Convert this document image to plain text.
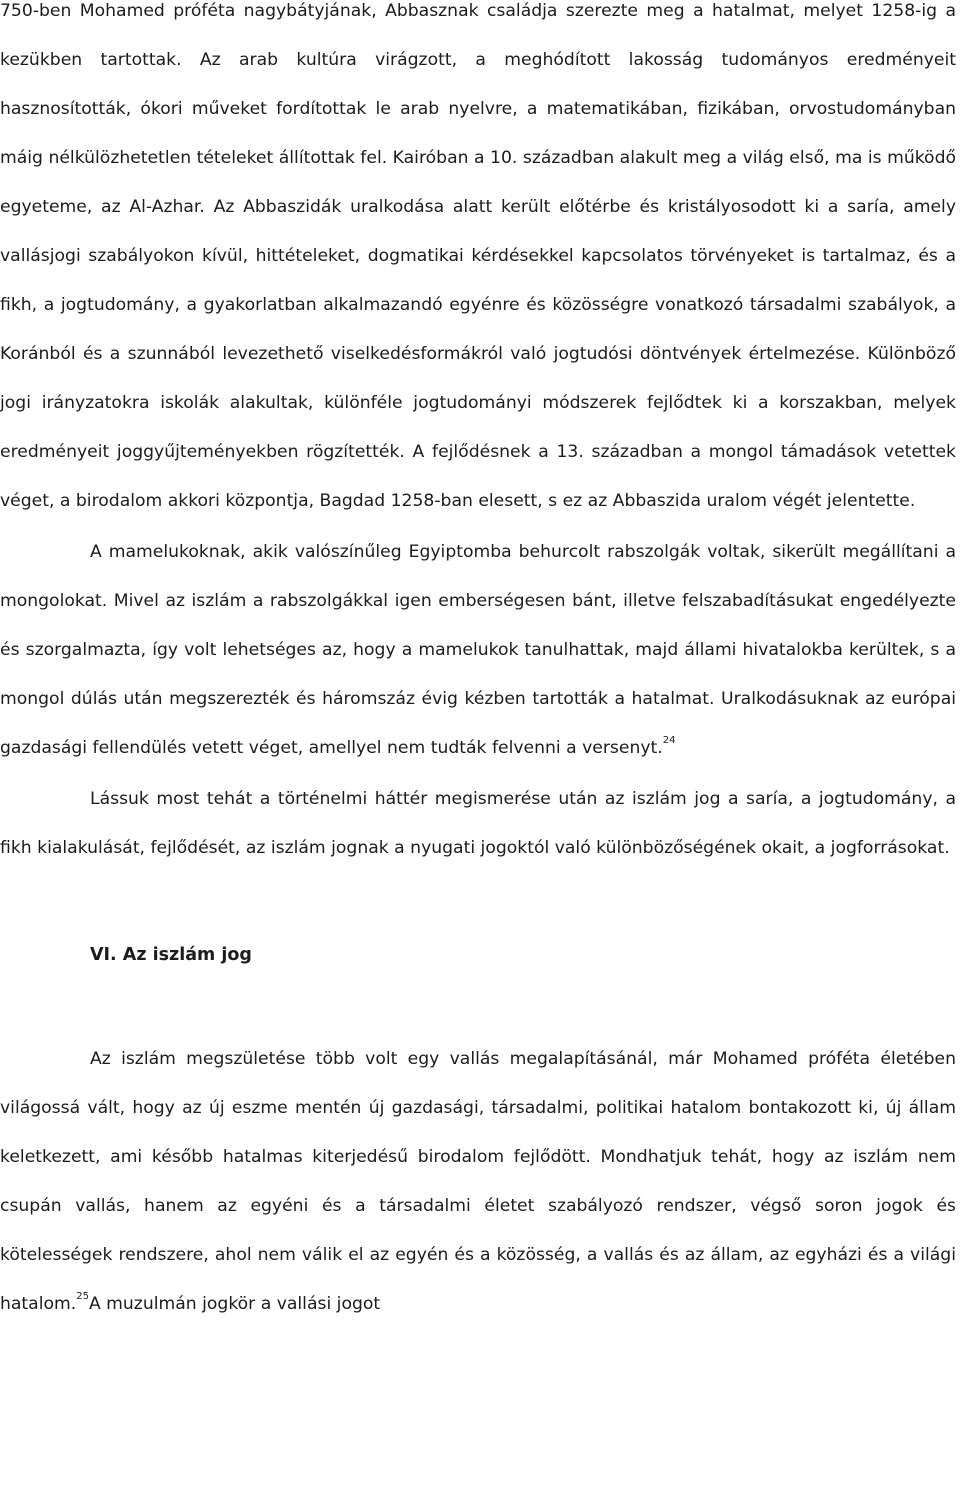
750-ben Mohamed próféta nagybátyjának, Abbasznak családja szerezte meg a hatalmat, melyet 1258-ig a kezükben tartottak. Az arab kultúra virágzott, a meghódított lakosság tudományos eredményeit hasznosították, ókori műveket fordítottak le arab nyelvre, a matematikában, fizikában, orvostudományban máig nélkülözhetetlen tételeket állítottak fel. Kairóban a 10. században alakult meg a világ első, ma is működő egyeteme, az Al-Azhar. Az Abbaszidák uralkodása alatt került előtérbe és kristályosodott ki a saría, amely vallásjogi szabályokon kívül, hittételeket, dogmatikai kérdésekkel kapcsolatos törvényeket is tartalmaz, és a fikh, a jogtudomány, a gyakorlatban alkalmazandó egyénre és közösségre vonatkozó társadalmi szabályok, a Koránból és a szunnából levezethető viselkedésformákról való jogtudósi döntvények értelmezése. Különböző jogi irányzatokra iskolák alakultak, különféle jogtudományi módszerek fejlődtek ki a korszakban, melyek eredményeit joggyűjteményekben rögzítették. A fejlődésnek a 13. században a mongol támadások vetettek véget, a birodalom akkori központja, Bagdad 1258-ban elesett, s ez az Abbaszida uralom végét jelentette.

A mamelukoknak, akik valószínűleg Egyiptomba behurcolt rabszolgák voltak, sikerült megállítani a mongolokat. Mivel az iszlám a rabszolgákkal igen emberségesen bánt, illetve felszabadításukat engedélyezte és szorgalmazta, így volt lehetséges az, hogy a mamelukok tanulhattak, majd állami hivatalokba kerültek, s a mongol dúlás után megszerezték és háromszáz évig kézben tartották a hatalmat. Uralkodásuknak az európai gazdasági fellendülés vetett véget, amellyel nem tudták felvenni a versenyt.$^{24}$

Lássuk most tehát a történelmi háttér megismerése után az iszlám jog a saría, a jogtudomány, a fikh kialakulását, fejlődését, az iszlám jognak a nyugati jogoktól való különbözőségének okait, a jogforrásokat.

VI. Az iszlám jog

Az iszlám megszületése több volt egy vallás megalapításánál, már Mohamed próféta életében világossá vált, hogy az új eszme mentén új gazdasági, társadalmi, politikai hatalom bontakozott ki, új állam keletkezett, ami később hatalmas kiterjedésű birodalom fejlődött. Mondhatjuk tehát, hogy az iszlám nem csupán vallás, hanem az egyéni és a társadalmi életet szabályozó rendszer, végső soron jogok és kötelességek rendszere, ahol nem válik el az egyén és a közösség, a vallás és az állam, az egyházi és a világi hatalom.$^{25}$A muzulmán jogkör a vallási jogot
